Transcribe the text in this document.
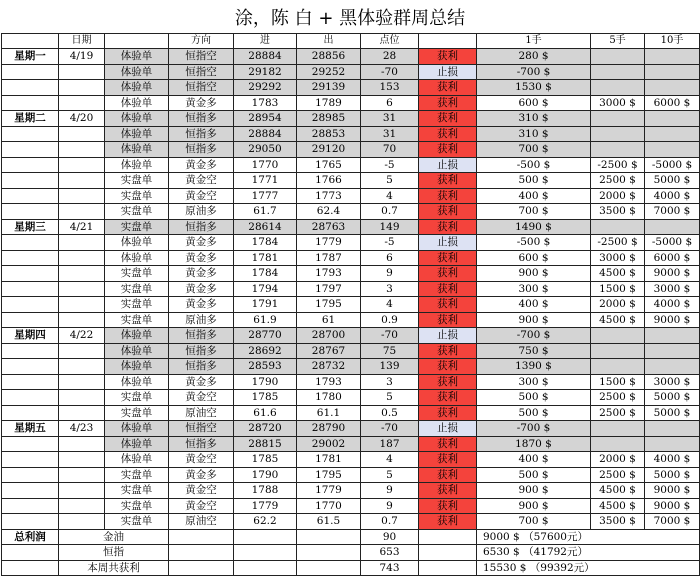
涂，陈 白 + 黑体验群周总结
	日期		方向	进	出	点位		1手	5手	10手
星期一	4/19	体验单	恒指空	28884	28856	28	获利	280 $		
		体验单	恒指空	29182	29252	-70	止损	-700 $		
		体验单	恒指空	29292	29139	153	获利	1530 $		
		体验单	黄金多	1783	1789	6	获利	600 $	3000 $	6000 $
星期二	4/20	体验单	恒指多	28954	28985	31	获利	310 $		
		体验单	恒指多	28884	28853	31	获利	310 $		
		体验单	恒指多	29050	29120	70	获利	700 $		
		体验单	黄金多	1770	1765	-5	止损	-500 $	-2500 $	-5000 $
		实盘单	黄金空	1771	1766	5	获利	500 $	2500 $	5000 $
		实盘单	黄金空	1777	1773	4	获利	400 $	2000 $	4000 $
		实盘单	原油多	61.7	62.4	0.7	获利	700 $	3500 $	7000 $
星期三	4/21	实盘单	恒指多	28614	28763	149	获利	1490 $		
		体验单	黄金多	1784	1779	-5	止损	-500 $	-2500 $	-5000 $
		体验单	黄金多	1781	1787	6	获利	600 $	3000 $	6000 $
		实盘单	黄金多	1784	1793	9	获利	900 $	4500 $	9000 $
		实盘单	黄金多	1794	1797	3	获利	300 $	1500 $	3000 $
		实盘单	黄金多	1791	1795	4	获利	400 $	2000 $	4000 $
		实盘单	原油多	61.9	61	0.9	获利	900 $	4500 $	9000 $
星期四	4/22	体验单	恒指多	28770	28700	-70	止损	-700 $		
		体验单	恒指多	28692	28767	75	获利	750 $		
		体验单	恒指多	28593	28732	139	获利	1390 $		
		体验单	黄金多	1790	1793	3	获利	300 $	1500 $	3000 $
		实盘单	黄金空	1785	1780	5	获利	500 $	2500 $	5000 $
		实盘单	原油空	61.6	61.1	0.5	获利	500 $	2500 $	5000 $
星期五	4/23	体验单	恒指空	28720	28790	-70	止损	-700 $		
		体验单	恒指多	28815	29002	187	获利	1870 $		
		体验单	黄金空	1785	1781	4	获利	400 $	2000 $	4000 $
		实盘单	黄金多	1790	1795	5	获利	500 $	2500 $	5000 $
		实盘单	黄金空	1788	1779	9	获利	900 $	4500 $	9000 $
		实盘单	黄金空	1779	1770	9	获利	900 $	4500 $	9000 $
		实盘单	原油空	62.2	61.5	0.7	获利	700 $	3500 $	7000 $
总利润	金油					90		9000 $ （57600元）		
	恒指					653		6530 $ （41792元）		
	本周共获利					743		15530 $ （99392元）		
